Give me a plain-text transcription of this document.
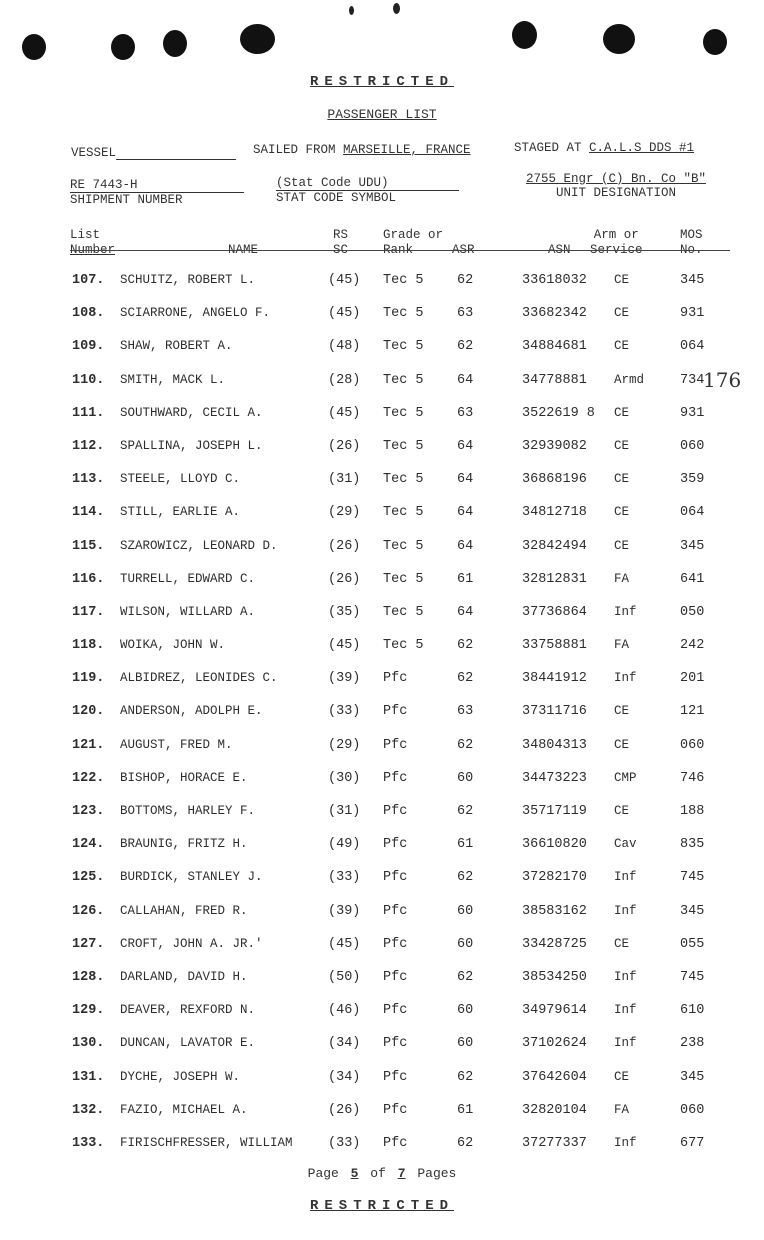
RESTRICTED
PASSENGER LIST
VESSEL	SAILED FROM MARSEILLE, FRANCE	STAGED AT C.A.L.S DDS #1
RE 7443-H

SHIPMENT NUMBER
(Stat Code UDU)

STAT CODE SYMBOL
2755 Engr (C) Bn. Co "B"
UNIT DESIGNATION
List
Number	NAME
RS
SC
Grade or
Rank	ASR	ASN
Arm or
Service
MOS
No.
107. SCHUITZ, ROBERT L.	(45) Tec 5 62	33618032 CE	345
108. SCIARRONE, ANGELO F.	(45) Tec 5 63	33682342 CE	931
109. SHAW, ROBERT A.	(48) Tec 5 62	34884681 CE	064
110. SMITH, MACK L.	(28) Tec 5 64	34778881 Armd	734
111. SOUTHWARD, CECIL A.	(45) Tec 5 63	3522619 8 CE	931
112. SPALLINA, JOSEPH L.	(26) Tec 5 64	32939082 CE	060
113. STEELE, LLOYD C.	(31) Tec 5 64	36868196 CE	359
114. STILL, EARLIE A.	(29) Tec 5 64	34812718 CE	064
115. SZAROWICZ, LEONARD D.	(26) Tec 5 64	32842494 CE	345
116. TURRELL, EDWARD C.	(26) Tec 5 61	32812831 FA	641
117. WILSON, WILLARD A.	(35) Tec 5 64	37736864 Inf	050
118. WOIKA, JOHN W.	(45) Tec 5 62	33758881 FA	242
119. ALBIDREZ, LEONIDES C.	(39) Pfc	62	38441912 Inf	201
120. ANDERSON, ADOLPH E.	(33) Pfc	63	37311716 CE	121
121. AUGUST, FRED M.	(29) Pfc	62	34804313 CE	060
122. BISHOP, HORACE E.	(30) Pfc	60	34473223 CMP	746
123. BOTTOMS, HARLEY F.	(31) Pfc	62	35717119 CE	188
124. BRAUNIG, FRITZ H.	(49) Pfc	61	36610820 Cav	835
125. BURDICK, STANLEY J.	(33) Pfc	62	37282170 Inf	745
126. CALLAHAN, FRED R.	(39) Pfc	60	38583162 Inf	345
127. CROFT, JOHN A. JR.'	(45) Pfc	60	33428725 CE	055
128. DARLAND, DAVID H.	(50) Pfc	62	38534250 Inf	745
129. DEAVER, REXFORD N.	(46) Pfc	60	34979614 Inf	610
130. DUNCAN, LAVATOR E.	(34) Pfc	60	37102624 Inf	238
131. DYCHE, JOSEPH W.	(34) Pfc	62	37642604 CE	345
132. FAZIO, MICHAEL A.	(26) Pfc	61	32820104 FA	060
133. FIRISCHFRESSER, WILLIAM	(33) Pfc	62	37277337 Inf	677
176
Page 5 of 7 Pages
RESTRICTED
